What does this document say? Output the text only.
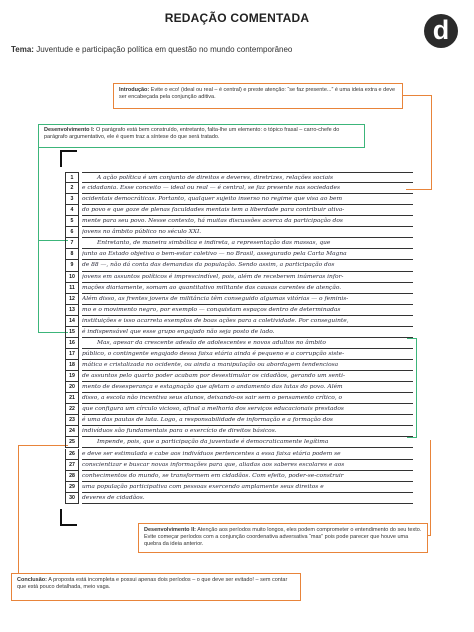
REDAÇÃO COMENTADA	d
Tema: Juventude e participação política em questão no mundo contemporâneo
Introdução: Evite o eco! (ideal ou real – é central) e preste atenção: “se faz presente...” é uma ideia extra e deve ser encabeçada pela conjunção aditiva.
Desenvolvimento I: O parágrafo está bem construído, entretanto, falta-lhe um elemento: o tópico frasal – carro-chefe do parágrafo argumentativo, ele é quem traz a síntese do que será tratado.
Desenvolvimento II: Atenção aos períodos muito longos, eles podem comprometer o entendimento do seu texto. Evite começar períodos com a conjunção coordenativa adversativa “mas” pois pode parecer que houve uma quebra da ideia anterior.
Conclusão: A proposta está incompleta e possui apenas dois períodos – o que deve ser evitado! – sem contar que está pouco detalhada, meio vaga.
1	A ação política é um conjunto de direitos e deveres, diretrizes, relações sociais
2	e cidadania. Esse conceito — ideal ou real — é central, se faz presente nas sociedades
3	ocidentais democráticas. Portanto, qualquer sujeito inserso no regime que visa ao bem
4	do povo e que goze de plenas faculdades mentais tem a liberdade para contribuir ativa-
5	mente para seu povo. Nesse contexto, há muitas discussões acerca da participação dos
6	jovens no âmbito público no século XXI.
7	Entretanto, de maneira simbólica e indireta, a representação das massas, que
8	junto ao Estado objetiva o bem-estar coletivo — no Brasil, assegurado pela Carta Magna
9	de 88 —, não dá conta das demandas da população. Sendo assim, a participação dos
10	jovens em assuntos políticos é imprescindível, pois, além de receberem inúmeras infor-
11	mações diariamente, somam ao quantitativo militante das causas carentes de atenção.
12	Além disso, as frentes jovens de militância têm conseguido algumas vitórias — o feminis-
13	mo e o movimento negro, por exemplo — conquistam espaços dentro de determinadas
14	instituições e isso acarreta exemplos de boas ações para a coletividade. Por conseguinte,
15	é indispensável que esse grupo engajado não seja posto de lado.
16	Mas, apesar da crescente adesão de adolescentes e novos adultos no âmbito
17	público, o contingente engajado dessa faixa etária ainda é pequeno e a corrupção siste-
18	mática e cristalizada no ocidente, ou ainda a manipulação ou abordagem tendenciosa
19	de assuntos pelo quarto poder acabam por desestimular os cidadãos, gerando um senti-
20	mento de desesperança e estagnação que afetam o andamento das lutas do povo. Além
21	disso, a escola não incentiva seus alunos, deixando-os sair sem o pensamento crítico, o
22	que configura um círculo vicioso, afinal a melhoria dos serviços educacionais prestados
23	é uma das pautas de luta. Logo, a responsabilidade de informação e a formação dos
24	indivíduos são fundamentais para o exercício de direitos básicos.
25	Impende, pois, que a participação da juventude é democraticamente legítima
26	e deve ser estimulada e cabe aos indivíduos pertencentes a essa faixa etária podem se
27	conscientizar e buscar novas informações para que, aliadas aos saberes escolares e aos
28	conhecimentos do mundo, se transformem em cidadãos. Com efeito, poder-se-construir
29	uma população participativa com pessoas exercendo amplamente seus direitos e
30	deveres de cidadãos.
